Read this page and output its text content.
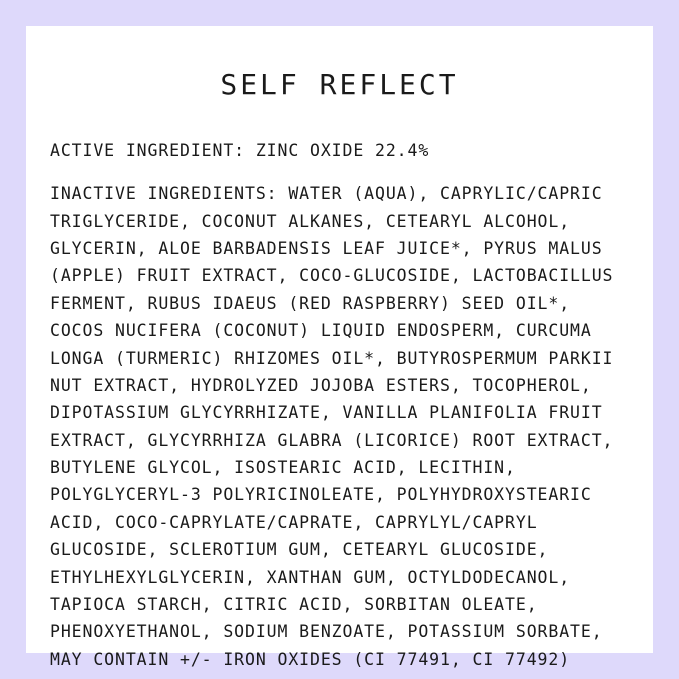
SELF REFLECT

ACTIVE INGREDIENT: ZINC OXIDE 22.4%

INACTIVE INGREDIENTS: WATER (AQUA), CAPRYLIC/CAPRIC TRIGLYCERIDE, COCONUT ALKANES, CETEARYL ALCOHOL, GLYCERIN, ALOE BARBADENSIS LEAF JUICE*, PYRUS MALUS (APPLE) FRUIT EXTRACT, COCO-GLUCOSIDE, LACTOBACILLUS FERMENT, RUBUS IDAEUS (RED RASPBERRY) SEED OIL*, COCOS NUCIFERA (COCONUT) LIQUID ENDOSPERM, CURCUMA LONGA (TURMERIC) RHIZOMES OIL*, BUTYROSPERMUM PARKII NUT EXTRACT, HYDROLYZED JOJOBA ESTERS, TOCOPHEROL, DIPOTASSIUM GLYCYRRHIZATE, VANILLA PLANIFOLIA FRUIT EXTRACT, GLYCYRRHIZA GLABRA (LICORICE) ROOT EXTRACT, BUTYLENE GLYCOL, ISOSTEARIC ACID, LECITHIN, POLYGLYCERYL-3 POLYRICINOLEATE, POLYHYDROXYSTEARIC ACID, COCO-CAPRYLATE/CAPRATE, CAPRYLYL/CAPRYL GLUCOSIDE, SCLEROTIUM GUM, CETEARYL GLUCOSIDE, ETHYLHEXYLGLYCERIN, XANTHAN GUM, OCTYLDODECANOL, TAPIOCA STARCH, CITRIC ACID, SORBITAN OLEATE, PHENOXYETHANOL, SODIUM BENZOATE, POTASSIUM SORBATE, MAY CONTAIN +/- IRON OXIDES (CI 77491, CI 77492)
